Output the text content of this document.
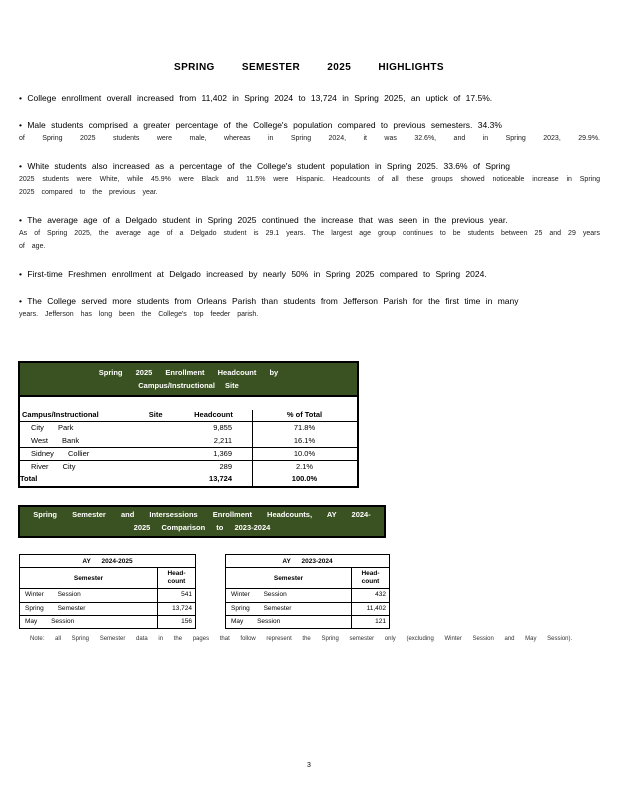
SPRING SEMESTER 2025 HIGHLIGHTS
• College enrollment overall increased from 11,402 in Spring 2024 to 13,724 in Spring 2025, an uptick of 17.5%.
• Male students comprised a greater percentage of the College's population compared to previous semesters. 34.3%
of Spring 2025 students were male, whereas in Spring 2024, it was 32.6%, and in Spring 2023, 29.9%.
• White students also increased as a percentage of the College's student population in Spring 2025. 33.6% of Spring
2025 students were White, while 45.9% were Black and 11.5% were Hispanic. Headcounts of all these groups showed noticeable increase in Spring 2025 compared to the previous year.
• The average age of a Delgado student in Spring 2025 continued the increase that was seen in the previous year.
As of Spring 2025, the average age of a Delgado student is 29.1 years. The largest age group continues to be students between 25 and 29 years of age.
• First-time Freshmen enrollment at Delgado increased by nearly 50% in Spring 2025 compared to Spring 2024.
• The College served more students from Orleans Parish than students from Jefferson Parish for the first time in many
years. Jefferson has long been the College's top feeder parish.
Spring 2025 Enrollment Headcount by
Campus/Instructional Site
Campus/Instructional Site	Headcount	% of Total
City Park	9,855	71.8%
West Bank	2,211	16.1%
Sidney Collier	1,369	10.0%
River City	289	2.1%
Total	13,724	100.0%
Spring Semester and Intersessions Enrollment Headcounts, AY 2024-
2025 Comparison to 2023-2024
AY 2024-2025
Semester
Head-
count
Winter Session	541
Spring Semester	13,724
May Session	156
AY 2023-2024
Semester
Head-
count
Winter Session	432
Spring Semester	11,402
May Session	121
Note: all Spring Semester data in the pages that follow represent the Spring semester only (excluding Winter Session and May Session).
3
